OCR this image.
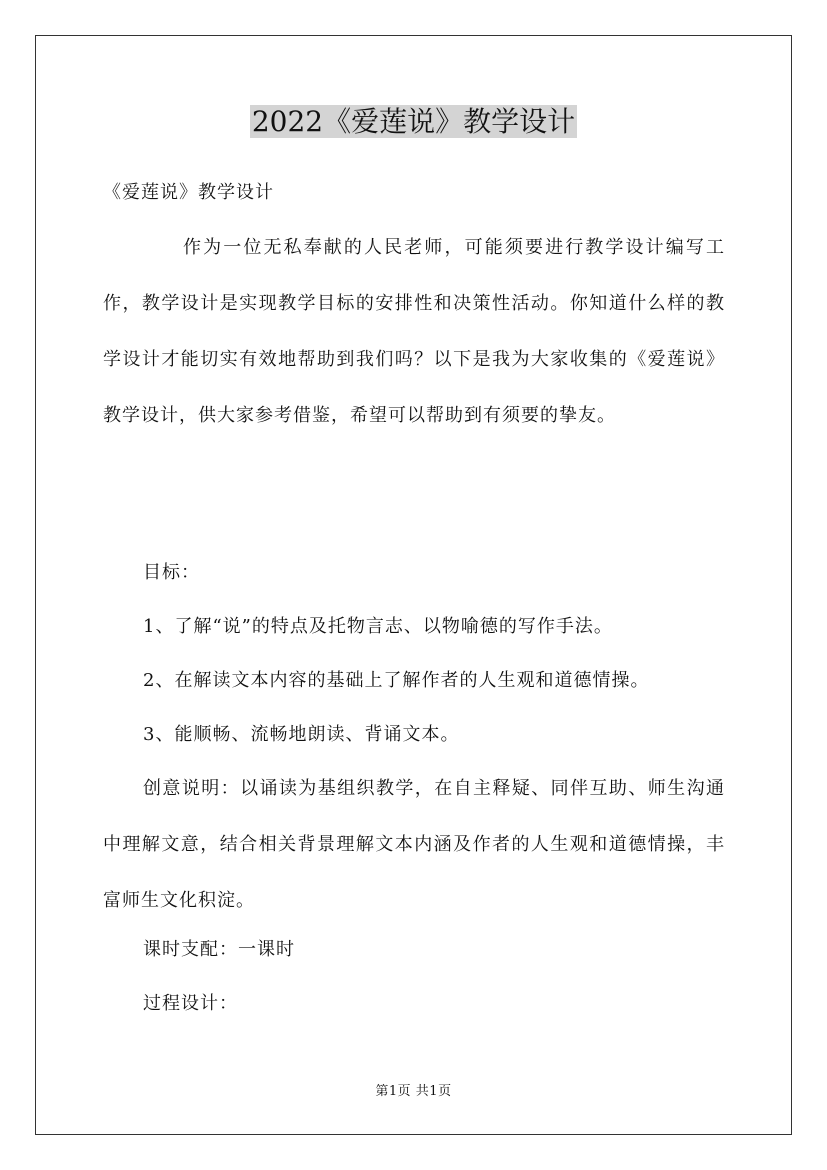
2022《爱莲说》教学设计
《爱莲说》教学设计
作为一位无私奉献的人民老师，可能须要进行教学设计编写工作，教学设计是实现教学目标的安排性和决策性活动。你知道什么样的教学设计才能切实有效地帮助到我们吗？以下是我为大家收集的《爱莲说》教学设计，供大家参考借鉴，希望可以帮助到有须要的挚友。
目标：
1、了解“说”的特点及托物言志、以物喻德的写作手法。
2、在解读文本内容的基础上了解作者的人生观和道德情操。
3、能顺畅、流畅地朗读、背诵文本。
创意说明：以诵读为基组织教学，在自主释疑、同伴互助、师生沟通中理解文意，结合相关背景理解文本内涵及作者的人生观和道德情操，丰富师生文化积淀。
课时支配：一课时
过程设计：
第1页 共1页
